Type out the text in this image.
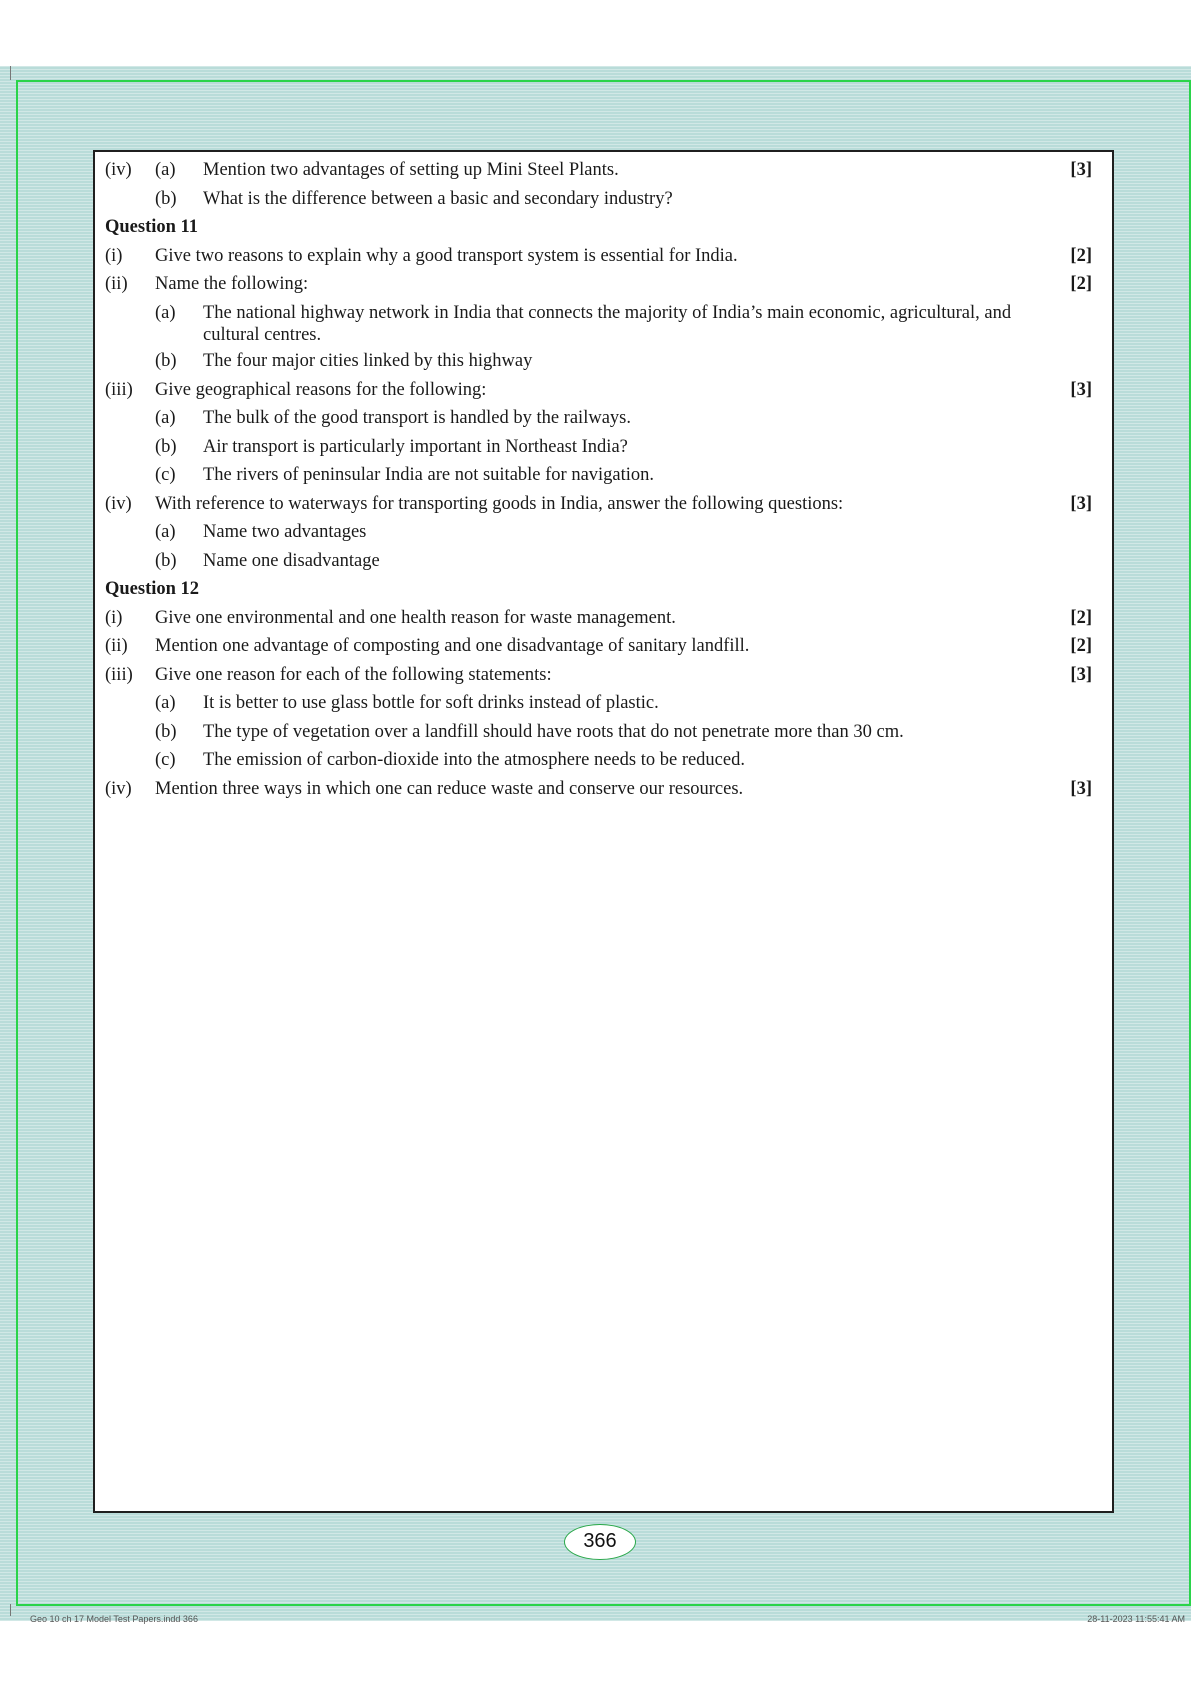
(iv) (a) Mention two advantages of setting up Mini Steel Plants.	[3]
(b) What is the difference between a basic and secondary industry?
Question 11
(i) Give two reasons to explain why a good transport system is essential for India.	[2]
(ii) Name the following:	[2]
(a) The national highway network in India that connects the majority of India’s main economic, agricultural, and cultural centres.
(b) The four major cities linked by this highway
(iii) Give geographical reasons for the following:	[3]
(a) The bulk of the good transport is handled by the railways.
(b) Air transport is particularly important in Northeast India?
(c) The rivers of peninsular India are not suitable for navigation.
(iv) With reference to waterways for transporting goods in India, answer the following questions:	[3]
(a) Name two advantages
(b) Name one disadvantage
Question 12
(i) Give one environmental and one health reason for waste management.	[2]
(ii) Mention one advantage of composting and one disadvantage of sanitary landfill.	[2]
(iii) Give one reason for each of the following statements:	[3]
(a) It is better to use glass bottle for soft drinks instead of plastic.
(b) The type of vegetation over a landfill should have roots that do not penetrate more than 30 cm.
(c) The emission of carbon-dioxide into the atmosphere needs to be reduced.
(iv) Mention three ways in which one can reduce waste and conserve our resources.	[3]
366
Geo 10 ch 17 Model Test Papers.indd 366	28-11-2023 11:55:41 AM
